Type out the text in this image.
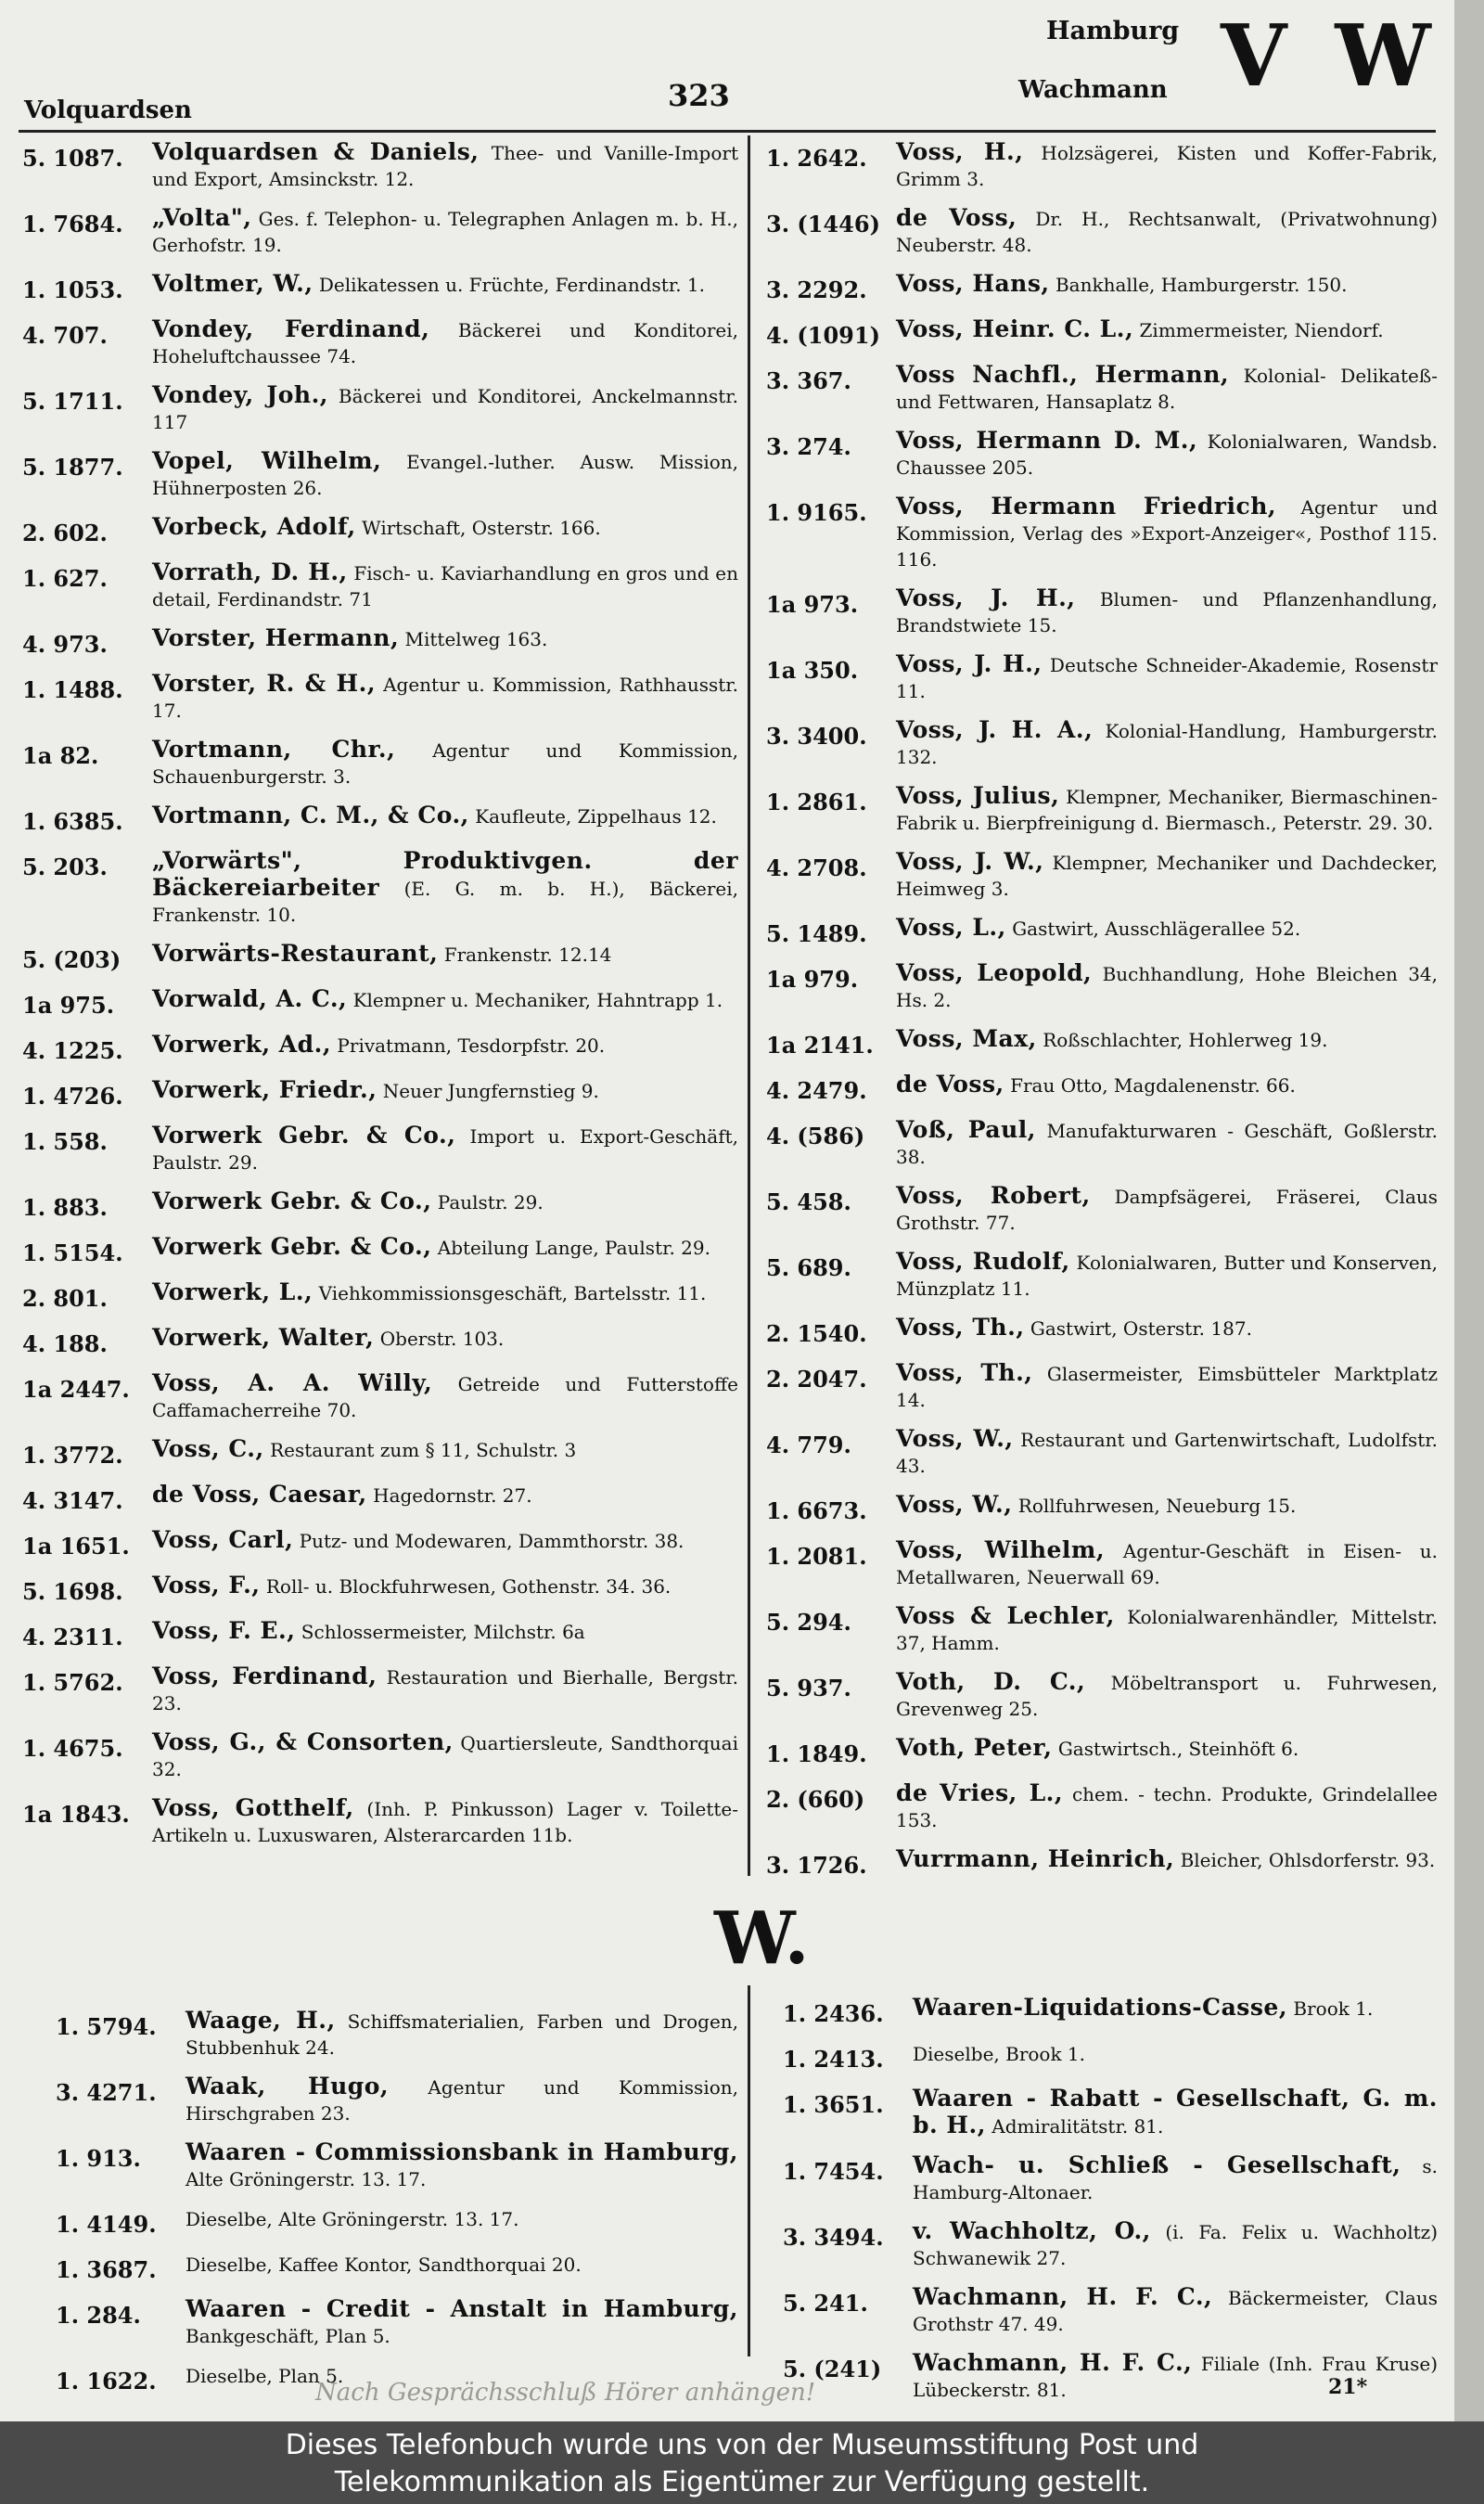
Volquardsen	323
Hamburg
Wachmann V W
5. 1087.	Volquardsen & Daniels, Thee- und Vanille-Import und Export, Amsinckstr. 12.
1. 7684.	„Volta", Ges. f. Telephon- u. Telegraphen Anlagen m. b. H., Gerhofstr. 19.
1. 1053.	Voltmer, W., Delikatessen u. Früchte, Ferdinandstr. 1.
4. 707.	Vondey, Ferdinand, Bäckerei und Konditorei, Hoheluftchaussee 74.
5. 1711.	Vondey, Joh., Bäckerei und Konditorei, Anckelmannstr. 117
5. 1877.	Vopel, Wilhelm, Evangel.-luther. Ausw. Mission, Hühnerposten 26.
2. 602.	Vorbeck, Adolf, Wirtschaft, Osterstr. 166.
1. 627.	Vorrath, D. H., Fisch- u. Kaviarhandlung en gros und en detail, Ferdinandstr. 71
4. 973.	Vorster, Hermann, Mittelweg 163.
1. 1488.	Vorster, R. & H., Agentur u. Kommission, Rathhausstr. 17.
1a 82.	Vortmann, Chr., Agentur und Kommission, Schauenburgerstr. 3.
1. 6385.	Vortmann, C. M., & Co., Kaufleute, Zippelhaus 12.
5. 203.	„Vorwärts", Produktivgen. der Bäckereiarbeiter (E. G. m. b. H.), Bäckerei, Frankenstr. 10.
5. (203)	Vorwärts-Restaurant, Frankenstr. 12.14
1a 975.	Vorwald, A. C., Klempner u. Mechaniker, Hahntrapp 1.
4. 1225.	Vorwerk, Ad., Privatmann, Tesdorpfstr. 20.
1. 4726.	Vorwerk, Friedr., Neuer Jungfernstieg 9.
1. 558.	Vorwerk Gebr. & Co., Import u. Export-Geschäft, Paulstr. 29.
1. 883.	Vorwerk Gebr. & Co., Paulstr. 29.
1. 5154.	Vorwerk Gebr. & Co., Abteilung Lange, Paulstr. 29.
2. 801.	Vorwerk, L., Viehkommissionsgeschäft, Bartelsstr. 11.
4. 188.	Vorwerk, Walter, Oberstr. 103.
1a 2447. Voss, A. A. Willy, Getreide und Futterstoffe Caffamacherreihe 70.
1. 3772.	Voss, C., Restaurant zum § 11, Schulstr. 3
4. 3147.	de Voss, Caesar, Hagedornstr. 27.
1a 1651. Voss, Carl, Putz- und Modewaren, Dammthorstr. 38.
5. 1698.	Voss, F., Roll- u. Blockfuhrwesen, Gothenstr. 34. 36.
4. 2311.	Voss, F. E., Schlossermeister, Milchstr. 6a
1. 5762.	Voss, Ferdinand, Restauration und Bierhalle, Bergstr. 23.
1. 4675.	Voss, G., & Consorten, Quartiersleute, Sandthorquai 32.
1a 1843. Voss, Gotthelf, (Inh. P. Pinkusson) Lager v. Toilette-Artikeln u. Luxuswaren, Alsterarcarden 11b.
1. 2642.	Voss, H., Holzsägerei, Kisten und Koffer-Fabrik, Grimm 3.
3. (1446) de Voss, Dr. H., Rechtsanwalt, (Privatwohnung) Neuberstr. 48.
3. 2292.	Voss, Hans, Bankhalle, Hamburgerstr. 150.
4. (1091) Voss, Heinr. C. L., Zimmermeister, Niendorf.
3. 367.	Voss Nachfl., Hermann, Kolonial- Delikateß- und Fettwaren, Hansaplatz 8.
3. 274.	Voss, Hermann D. M., Kolonialwaren, Wandsb. Chaussee 205.
1. 9165.	Voss, Hermann Friedrich, Agentur und Kommission, Verlag des »Export-Anzeiger«, Posthof 115. 116.
1a 973.	Voss, J. H., Blumen- und Pflanzenhandlung, Brandstwiete 15.
1a 350.	Voss, J. H., Deutsche Schneider-Akademie, Rosenstr 11.
3. 3400.	Voss, J. H. A., Kolonial-Handlung, Hamburgerstr. 132.
1. 2861.	Voss, Julius, Klempner, Mechaniker, Biermaschinen-Fabrik u. Bierpfreinigung d. Biermasch., Peterstr. 29. 30.
4. 2708.	Voss, J. W., Klempner, Mechaniker und Dachdecker, Heimweg 3.
5. 1489.	Voss, L., Gastwirt, Ausschlägerallee 52.
1a 979.	Voss, Leopold, Buchhandlung, Hohe Bleichen 34, Hs. 2.
1a 2141. Voss, Max, Roßschlachter, Hohlerweg 19.
4. 2479.	de Voss, Frau Otto, Magdalenenstr. 66.
4. (586)	Voß, Paul, Manufakturwaren - Geschäft, Goßlerstr. 38.
5. 458.	Voss, Robert, Dampfsägerei, Fräserei, Claus Grothstr. 77.
5. 689.	Voss, Rudolf, Kolonialwaren, Butter und Konserven, Münzplatz 11.
2. 1540.	Voss, Th., Gastwirt, Osterstr. 187.
2. 2047.	Voss, Th., Glasermeister, Eimsbütteler Marktplatz 14.
4. 779.	Voss, W., Restaurant und Gartenwirtschaft, Ludolfstr. 43.
1. 6673.	Voss, W., Rollfuhrwesen, Neueburg 15.
1. 2081.	Voss, Wilhelm, Agentur-Geschäft in Eisen- u. Metallwaren, Neuerwall 69.
5. 294.	Voss & Lechler, Kolonialwarenhändler, Mittelstr. 37, Hamm.
5. 937.	Voth, D. C., Möbeltransport u. Fuhrwesen, Grevenweg 25.
1. 1849.	Voth, Peter, Gastwirtsch., Steinhöft 6.
2. (660)	de Vries, L., chem. - techn. Produkte, Grindelallee 153.
3. 1726.	Vurrmann, Heinrich, Bleicher, Ohlsdorferstr. 93.
W.
1. 5794.	Waage, H., Schiffsmaterialien, Farben und Drogen, Stubbenhuk 24.
3. 4271.	Waak, Hugo, Agentur und Kommission, Hirschgraben 23.
1. 913.	Waaren - Commissionsbank in Hamburg, Alte Gröningerstr. 13. 17.
1. 4149.	Dieselbe, Alte Gröningerstr. 13. 17.
1. 3687.	Dieselbe, Kaffee Kontor, Sandthorquai 20.
1. 284.	Waaren - Credit - Anstalt in Hamburg, Bankgeschäft, Plan 5.
1. 1622.	Dieselbe, Plan 5.
1. 2436.	Waaren-Liquidations-Casse, Brook 1.
1. 2413.	Dieselbe, Brook 1.
1. 3651.	Waaren - Rabatt - Gesellschaft, G. m. b. H., Admiralitätstr. 81.
1. 7454.	Wach- u. Schließ - Gesellschaft, s. Hamburg-Altonaer.
3. 3494.	v. Wachholtz, O., (i. Fa. Felix u. Wachholtz) Schwanewik 27.
5. 241.	Wachmann, H. F. C., Bäckermeister, Claus Grothstr 47. 49.
5. (241)	Wachmann, H. F. C., Filiale (Inh. Frau Kruse) Lübeckerstr. 81.
Nach Gesprächsschluß Hörer anhängen!	21*
Dieses Telefonbuch wurde uns von der Museumsstiftung Post und
Telekommunikation als Eigentümer zur Verfügung gestellt.
